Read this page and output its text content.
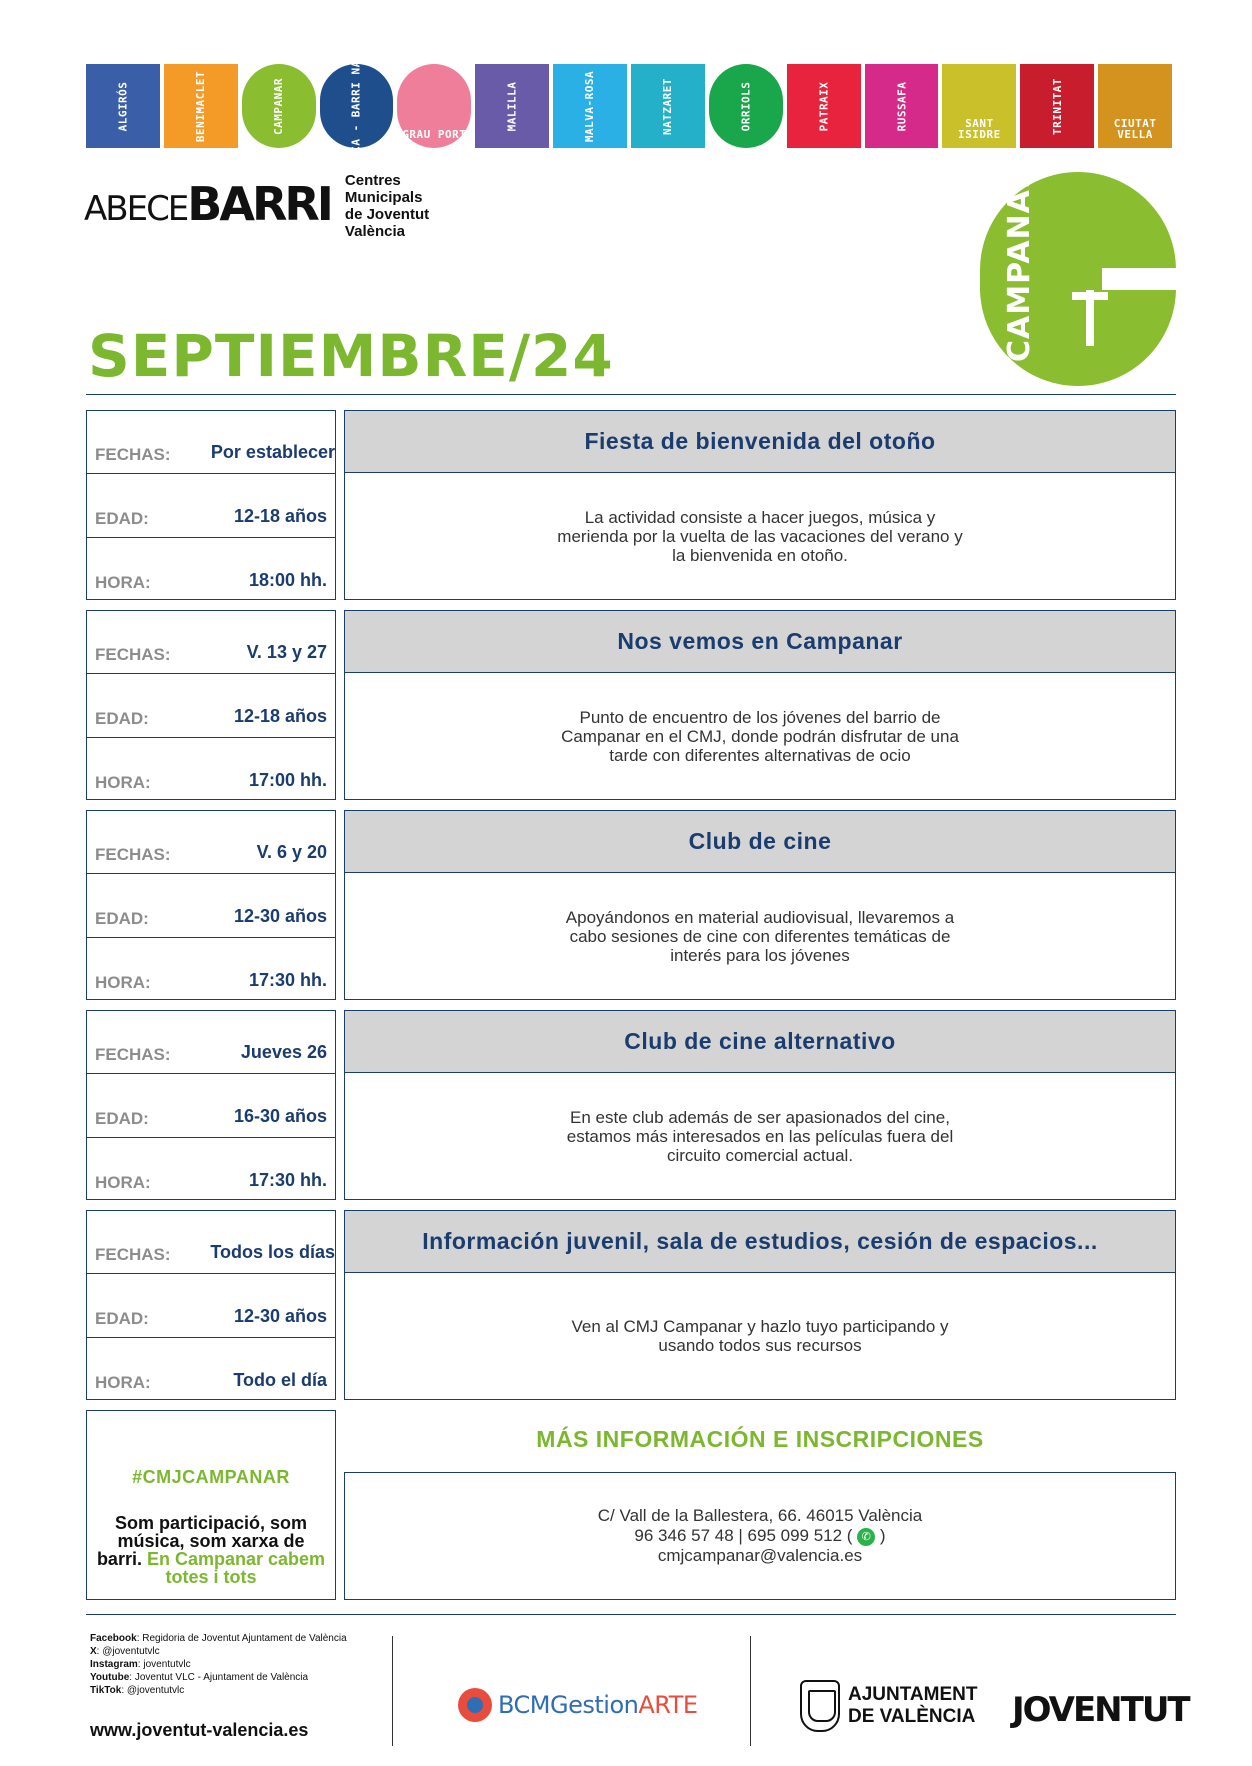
ALGIRÓS	BENIMACLET	CAMPANAR	CARAVACA - BARRI NATZARET	GRAU PORT
MALILLA	MALVA-ROSA	NATZARET	ORRIOLS	PATRAIX	RUSSAFA	SANT ISIDRE
TRINITAT	CIUTAT VELLA
ABECEBARRI Centres
Municipals
de Joventut
València	CAMPANAR
SEPTIEMBRE/24
FECHAS: Por establecer
EDAD:	12-18 años
HORA:	18:00 hh.
Fiesta de bienvenida del otoño

La actividad consiste a hacer juegos, música y merienda por la vuelta de las vacaciones del verano y la bienvenida en otoño.

FECHAS:	V. 13 y 27
EDAD:	12-18 años
HORA:	17:00 hh.
Nos vemos en Campanar

Punto de encuentro de los jóvenes del barrio de Campanar en el CMJ, donde podrán disfrutar de una tarde con diferentes alternativas de ocio

FECHAS:	V. 6 y 20
EDAD:	12-30 años
HORA:	17:30 hh.
Club de cine

Apoyándonos en material audiovisual, llevaremos a cabo sesiones de cine con diferentes temáticas de interés para los jóvenes

FECHAS:	Jueves 26
EDAD:	16-30 años
HORA:	17:30 hh.
Club de cine alternativo

En este club además de ser apasionados del cine, estamos más interesados en las películas fuera del circuito comercial actual.

FECHAS: Todos los días
EDAD:	12-30 años
HORA:	Todo el día
Información juvenil, sala de estudios, cesión de espacios...

Ven al CMJ Campanar y hazlo tuyo participando y usando todos sus recursos

#CMJCAMPANAR
Som participació, som música, som xarxa de barri. En Campanar cabem totes i tots
MÁS INFORMACIÓN E INSCRIPCIONES
C/ Vall de la Ballestera, 66. 46015 València
96 346 57 48 | 695 099 512 ( ✆ )
cmjcampanar@valencia.es
Facebook: Regidoria de Joventut Ajuntament de València
X: @joventutvlc
Instagram: joventutvlc
Youtube: Joventut VLC - Ajuntament de València
TikTok: @joventutvlc
www.joventut-valencia.es
BCMGestionARTE	AJUNTAMENT
DE VALÈNCIA JOVENTUT
